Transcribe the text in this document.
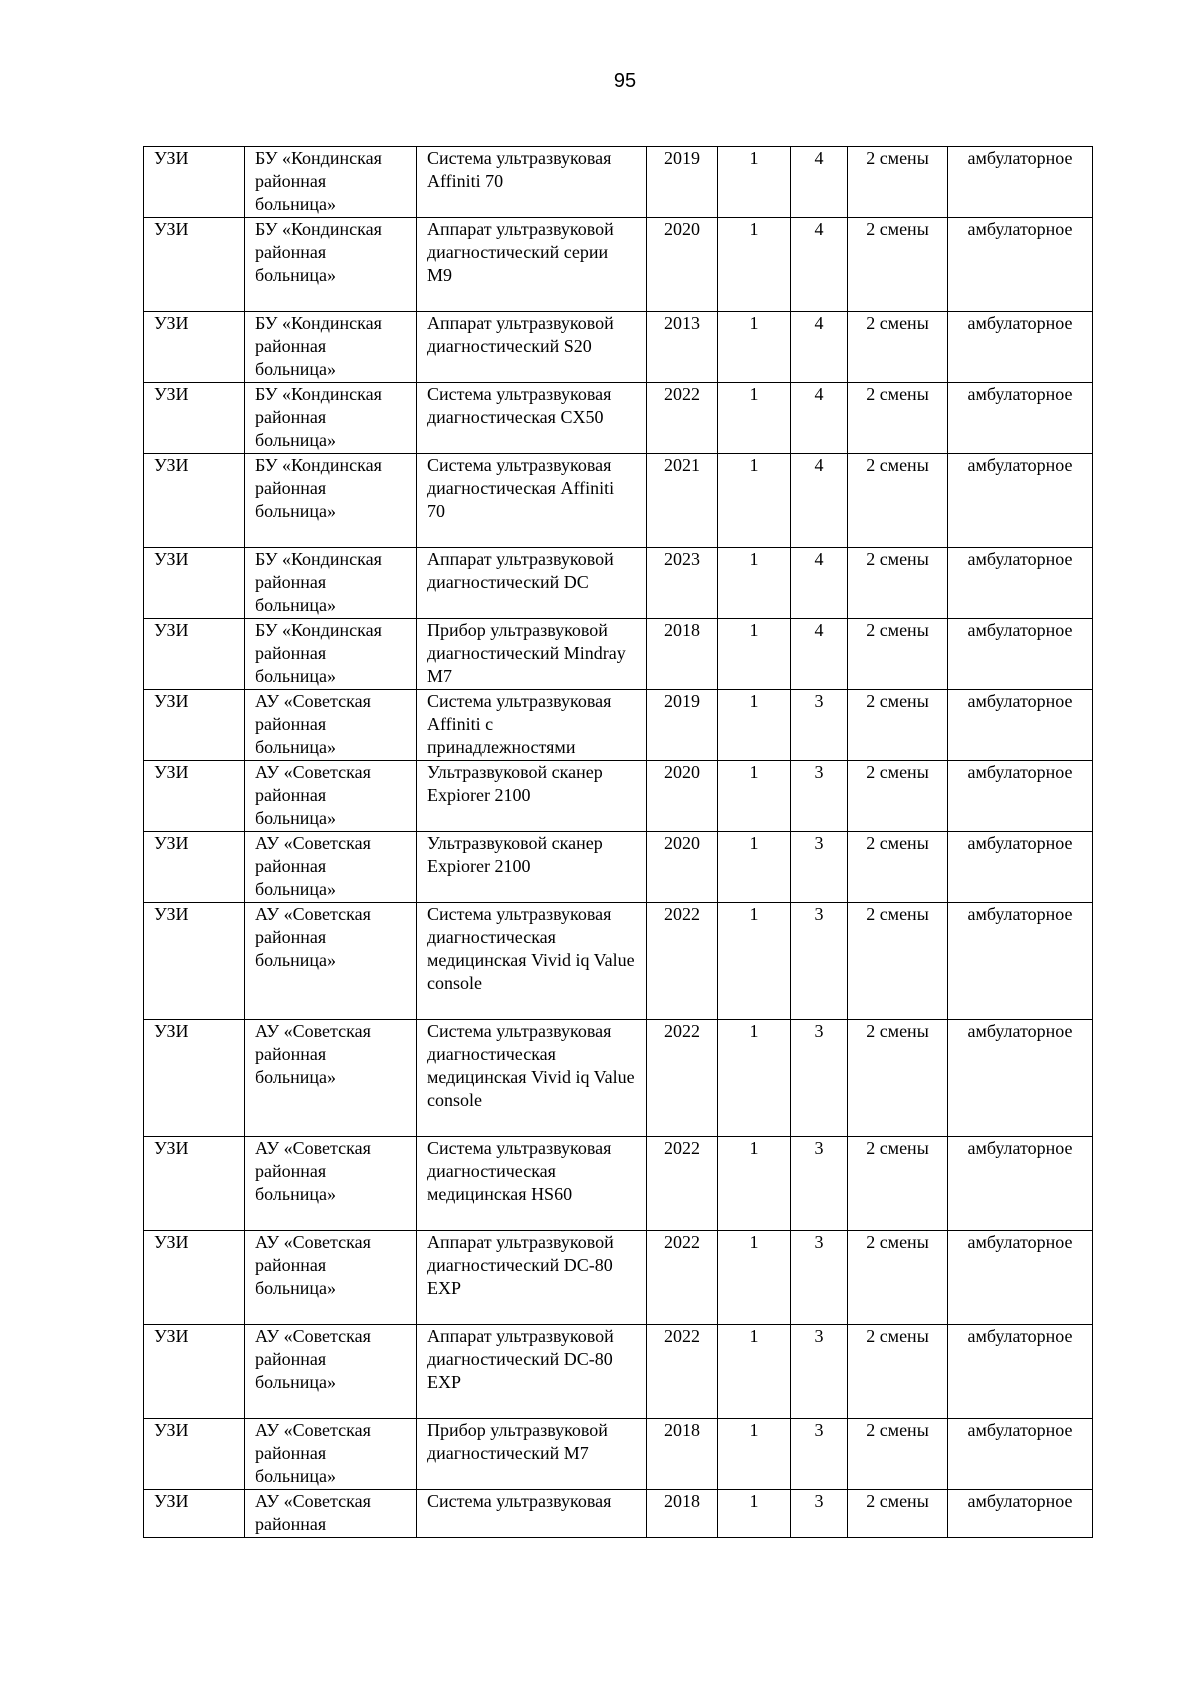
95
УЗИ	БУ «Кондинская районная больница»	Система ультразвуковая Affiniti 70	2019	1	4	2 смены	амбулаторное
УЗИ	БУ «Кондинская районная больница»	Аппарат ультразвуковой диагностический серии М9	2020	1	4	2 смены	амбулаторное
УЗИ	БУ «Кондинская районная больница»	Аппарат ультразвуковой диагностический S20	2013	1	4	2 смены	амбулаторное
УЗИ	БУ «Кондинская районная больница»	Система ультразвуковая диагностическая CX50	2022	1	4	2 смены	амбулаторное
УЗИ	БУ «Кондинская районная больница»	Система ультразвуковая диагностическая Affiniti 70	2021	1	4	2 смены	амбулаторное
УЗИ	БУ «Кондинская районная больница»	Аппарат ультразвуковой диагностический DC	2023	1	4	2 смены	амбулаторное
УЗИ	БУ «Кондинская районная больница»	Прибор ультразвуковой диагностический Mindray M7	2018	1	4	2 смены	амбулаторное
УЗИ	АУ «Советская районная больница»	Система ультразвуковая Affiniti с принадлежностями	2019	1	3	2 смены	амбулаторное
УЗИ	АУ «Советская районная больница»	Ультразвуковой сканер Expiorer 2100	2020	1	3	2 смены	амбулаторное
УЗИ	АУ «Советская районная больница»	Ультразвуковой сканер Expiorer 2100	2020	1	3	2 смены	амбулаторное
УЗИ	АУ «Советская районная больница»	Система ультразвуковая диагностическая медицинская Vivid iq Value console	2022	1	3	2 смены	амбулаторное
УЗИ	АУ «Советская районная больница»	Система ультразвуковая диагностическая медицинская Vivid iq Value console	2022	1	3	2 смены	амбулаторное
УЗИ	АУ «Советская районная больница»	Система ультразвуковая диагностическая медицинская HS60	2022	1	3	2 смены	амбулаторное
УЗИ	АУ «Советская районная больница»	Аппарат ультразвуковой диагностический DC-80 EXP	2022	1	3	2 смены	амбулаторное
УЗИ	АУ «Советская районная больница»	Аппарат ультразвуковой диагностический DC-80 EXP	2022	1	3	2 смены	амбулаторное
УЗИ	АУ «Советская районная больница»	Прибор ультразвуковой диагностический M7	2018	1	3	2 смены	амбулаторное
УЗИ	АУ «Советская районная	Система ультразвуковая	2018	1	3	2 смены	амбулаторное
